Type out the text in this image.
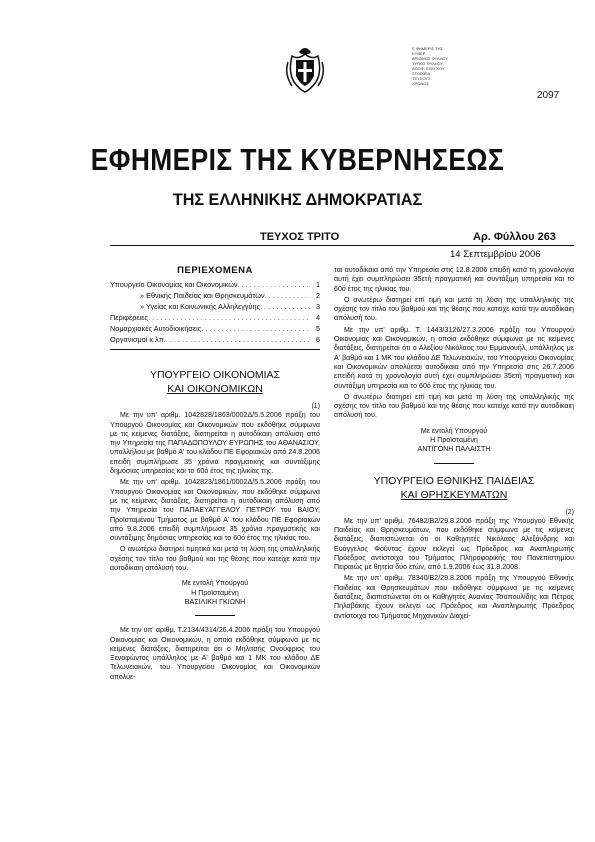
Ε ΦΗΜΕΡΙΣ ΤΗΣ
ΚΥΒΕΡ.
ΑΡΙΘΜΟΣ ΦΥΛΛΟΥ
ΤΥΠΟΣ ΦΥΛΛΟΥ
ΑΠΟΦ. ΕΛΕΓΧΟΥ
ΣΤΟΙΧΕΙΑ
ΤΕΥΧΟΥΣ
ΧΡΟΝΟΣ
2097
ΕΦΗΜΕΡΙΣ ΤΗΣ ΚΥΒΕΡΝΗΣΕΩΣ
ΤΗΣ ΕΛΛΗΝΙΚΗΣ ΔΗΜΟΚΡΑΤΙΑΣ
ΤΕΥΧΟΣ ΤΡΙΤΟ	Αρ. Φύλλου 263
14 Σεπτεμβρίου 2006
ΠΕΡΙΕΧΟΜΕΝΑ
Υπουργείο Οικονομίας και Οικονομικών . . .	1
» Εθνικής Παιδείας και Θρησκευμάτων . . .	2
» Υγείας και Κοινωνικής Αλληλεγγύης . . .	3
Περιφέρειες . . .	4
Νομαρχιακές Αυτοδιοικήσεις . . .	5
Οργανισμοί κ.λπ. . . .	6
ΥΠΟΥΡΓΕΙΟ ΟΙΚΟΝΟΜΙΑΣ
ΚΑΙ ΟΙΚΟΝΟΜΙΚΩΝ
(1)

Με την υπ' αριθμ. 1042828/1863/0002Δ/5.5.2006 πράξη του Υπουργού Οικονομίας και Οικονομικών που εκδόθηκε σύμφωνα με τις κείμενες διατάξεις, διατηρείται η αυτοδίκαιη απόλυση από την Υπηρεσία της ΠΑΠΑΔΟΠΟΥΛΟΥ ΕΥΡΩΠΗΣ του ΑΘΑΝΑΣΙΟΥ, υπαλλήλου με βαθμό Α' του κλάδου ΠΕ Εφοριακών από 24.8.2006 επειδή συμπλήρωσε 35 χρόνια πραγματικής και συντάξιμης δημόσιας υπηρεσίας και το 60ό έτος της ηλικίας της.

Με την υπ' αριθμ. 1042823/1861/0002Δ/5.5.2006 πράξη του Υπουργού Οικονομίας και Οικονομικών, που εκδόθηκε σύμφωνα με τις κείμενες διατάξεις, διατηρείται η αυτοδίκαιη απόλυση από την Υπηρεσία του ΠΑΠΑΕΥΑΓΓΕΛΟΥ ΠΕΤΡΟΥ του ΒΑΙΟΥ, Προϊσταμένου Τμήματος με βαθμό Α' του κλάδου ΠΕ Εφοριακών από 9.8.2006 επειδή συμπλήρωσε 35 χρόνια πραγματικής και συντάξιμης δημόσιας υπηρεσίας και το 60ό έτος της ηλικίας του.

Ο ανωτέρω διατηρεί τιμητικά και μετά τη λύση της υπαλληλικής σχέσης τον τίτλο του βαθμού και της θέσης που κατείχε κατά την αυτοδίκαιη απόλυσή του.

Με εντολή Υπουργού
Η Προϊσταμένη
ΒΑΣΙΛΙΚΗ ΓΚΙΩΝΗ

Με την υπ' αριθμ. Τ.2134/4314/26.4.2006 πράξη του Υπουργού Οικονομίας και Οικονομικών, η οποία εκδόθηκε σύμφωνα με τις κείμενες διατάξεις, διατηρείται ότι ο Μηλιτσής Ονούφριος του Ξενοφώντος υπάλληλος με Α' βαθμό και 1 ΜΚ του κλάδου ΔΕ Τελωνειακών, του Υπουργείου Οικονομίας και Οικονομικών απολύε-

ται αυτοδίκαια από την Υπηρεσία στις 12.8.2006 επειδή κατά τη χρονολογία αυτή έχει συμπληρώσει 35ετή πραγματική και συντάξιμη υπηρεσία και το 60ό έτος της ηλικίας του.

Ο ανωτέρω διατηρεί επί τιμή και μετά τη λύση της υπαλληλικής της σχέσης τον τίτλο του βαθμού και της θέσης που κατείχε κατά την αυτοδίκαιη απόλυσή του.

Με την υπ' αριθμ. Τ. 1443/3126/27.3.2006 πράξη του Υπουργού Οικονομίας και Οικονομικών, η οποία εκδόθηκε σύμφωνα με τις κείμενες διατάξεις, διατηρείται ότι ο Αλεξίου Νικόλαος του Εμμανουήλ, υπάλληλος με Α' βαθμό και 1 ΜΚ του κλάδου ΔΕ Τελωνειακών, του Υπουργείου Οικονομίας και Οικονομικών απολύεται αυτοδίκαια από την Υπηρεσία στις 26.7.2006 επειδή κατά τη χρονολογία αυτή έχει συμπληρώσει 35ετή πραγματική και συντάξιμη υπηρεσία και το 60ό έτος της ηλικίας του.

Ο ανωτέρω διατηρεί επί τιμή και μετά τη λύση της υπαλληλικής της σχέσης τον τίτλο του βαθμού και της θέσης που κατείχε κατά την αυτοδίκαιη απόλυσή του.

Με εντολή Υπουργού
Η Προϊσταμένη
ΑΝΤΙΓΟΝΗ ΠΑΛΑΙΣΤΗ
ΥΠΟΥΡΓΕΙΟ ΕΘΝΙΚΗΣ ΠΑΙΔΕΙΑΣ
ΚΑΙ ΘΡΗΣΚΕΥΜΑΤΩΝ
(2)

Με την υπ' αριθμ. 76482/Β2/29.8.2006 πράξη της Υπουργού Εθνικής Παιδείας και Θρησκευμάτων, που εκδόθηκε σύμφωνα με τις κείμενες διατάξεις, διαπιστώνεται ότι οι Καθηγητές Νικόλαος Αλεξάνδρης και Ευάγγελος Φούντας έχουν εκλεγεί ως Πρόεδρος και Αναπληρωτής Πρόεδρος αντίστοιχα του Τμήματος Πληροφορικής του Πανεπιστημίου Πειραιώς με θητεία δύο ετών, από 1.9.2006 έως 31.8.2008.

Με την υπ' αριθμ. 78340/Β2/29.8.2006 πράξη της Υπουργού Εθνικής Παιδείας και Θρησκευμάτων που εκδόθηκε σύμφωνα με τις κείμενες διατάξεις, διαπιστώνεται ότι οι Καθηγητές Ανανίας Τσαπουλίδης και Πέτρος Πηλαβάκης έχουν εκλεγεί ως Πρόεδρος και Αναπληρωτής Πρόεδρος αντίστοιχα του Τμήματος Μηχανικών Διαχεί-
